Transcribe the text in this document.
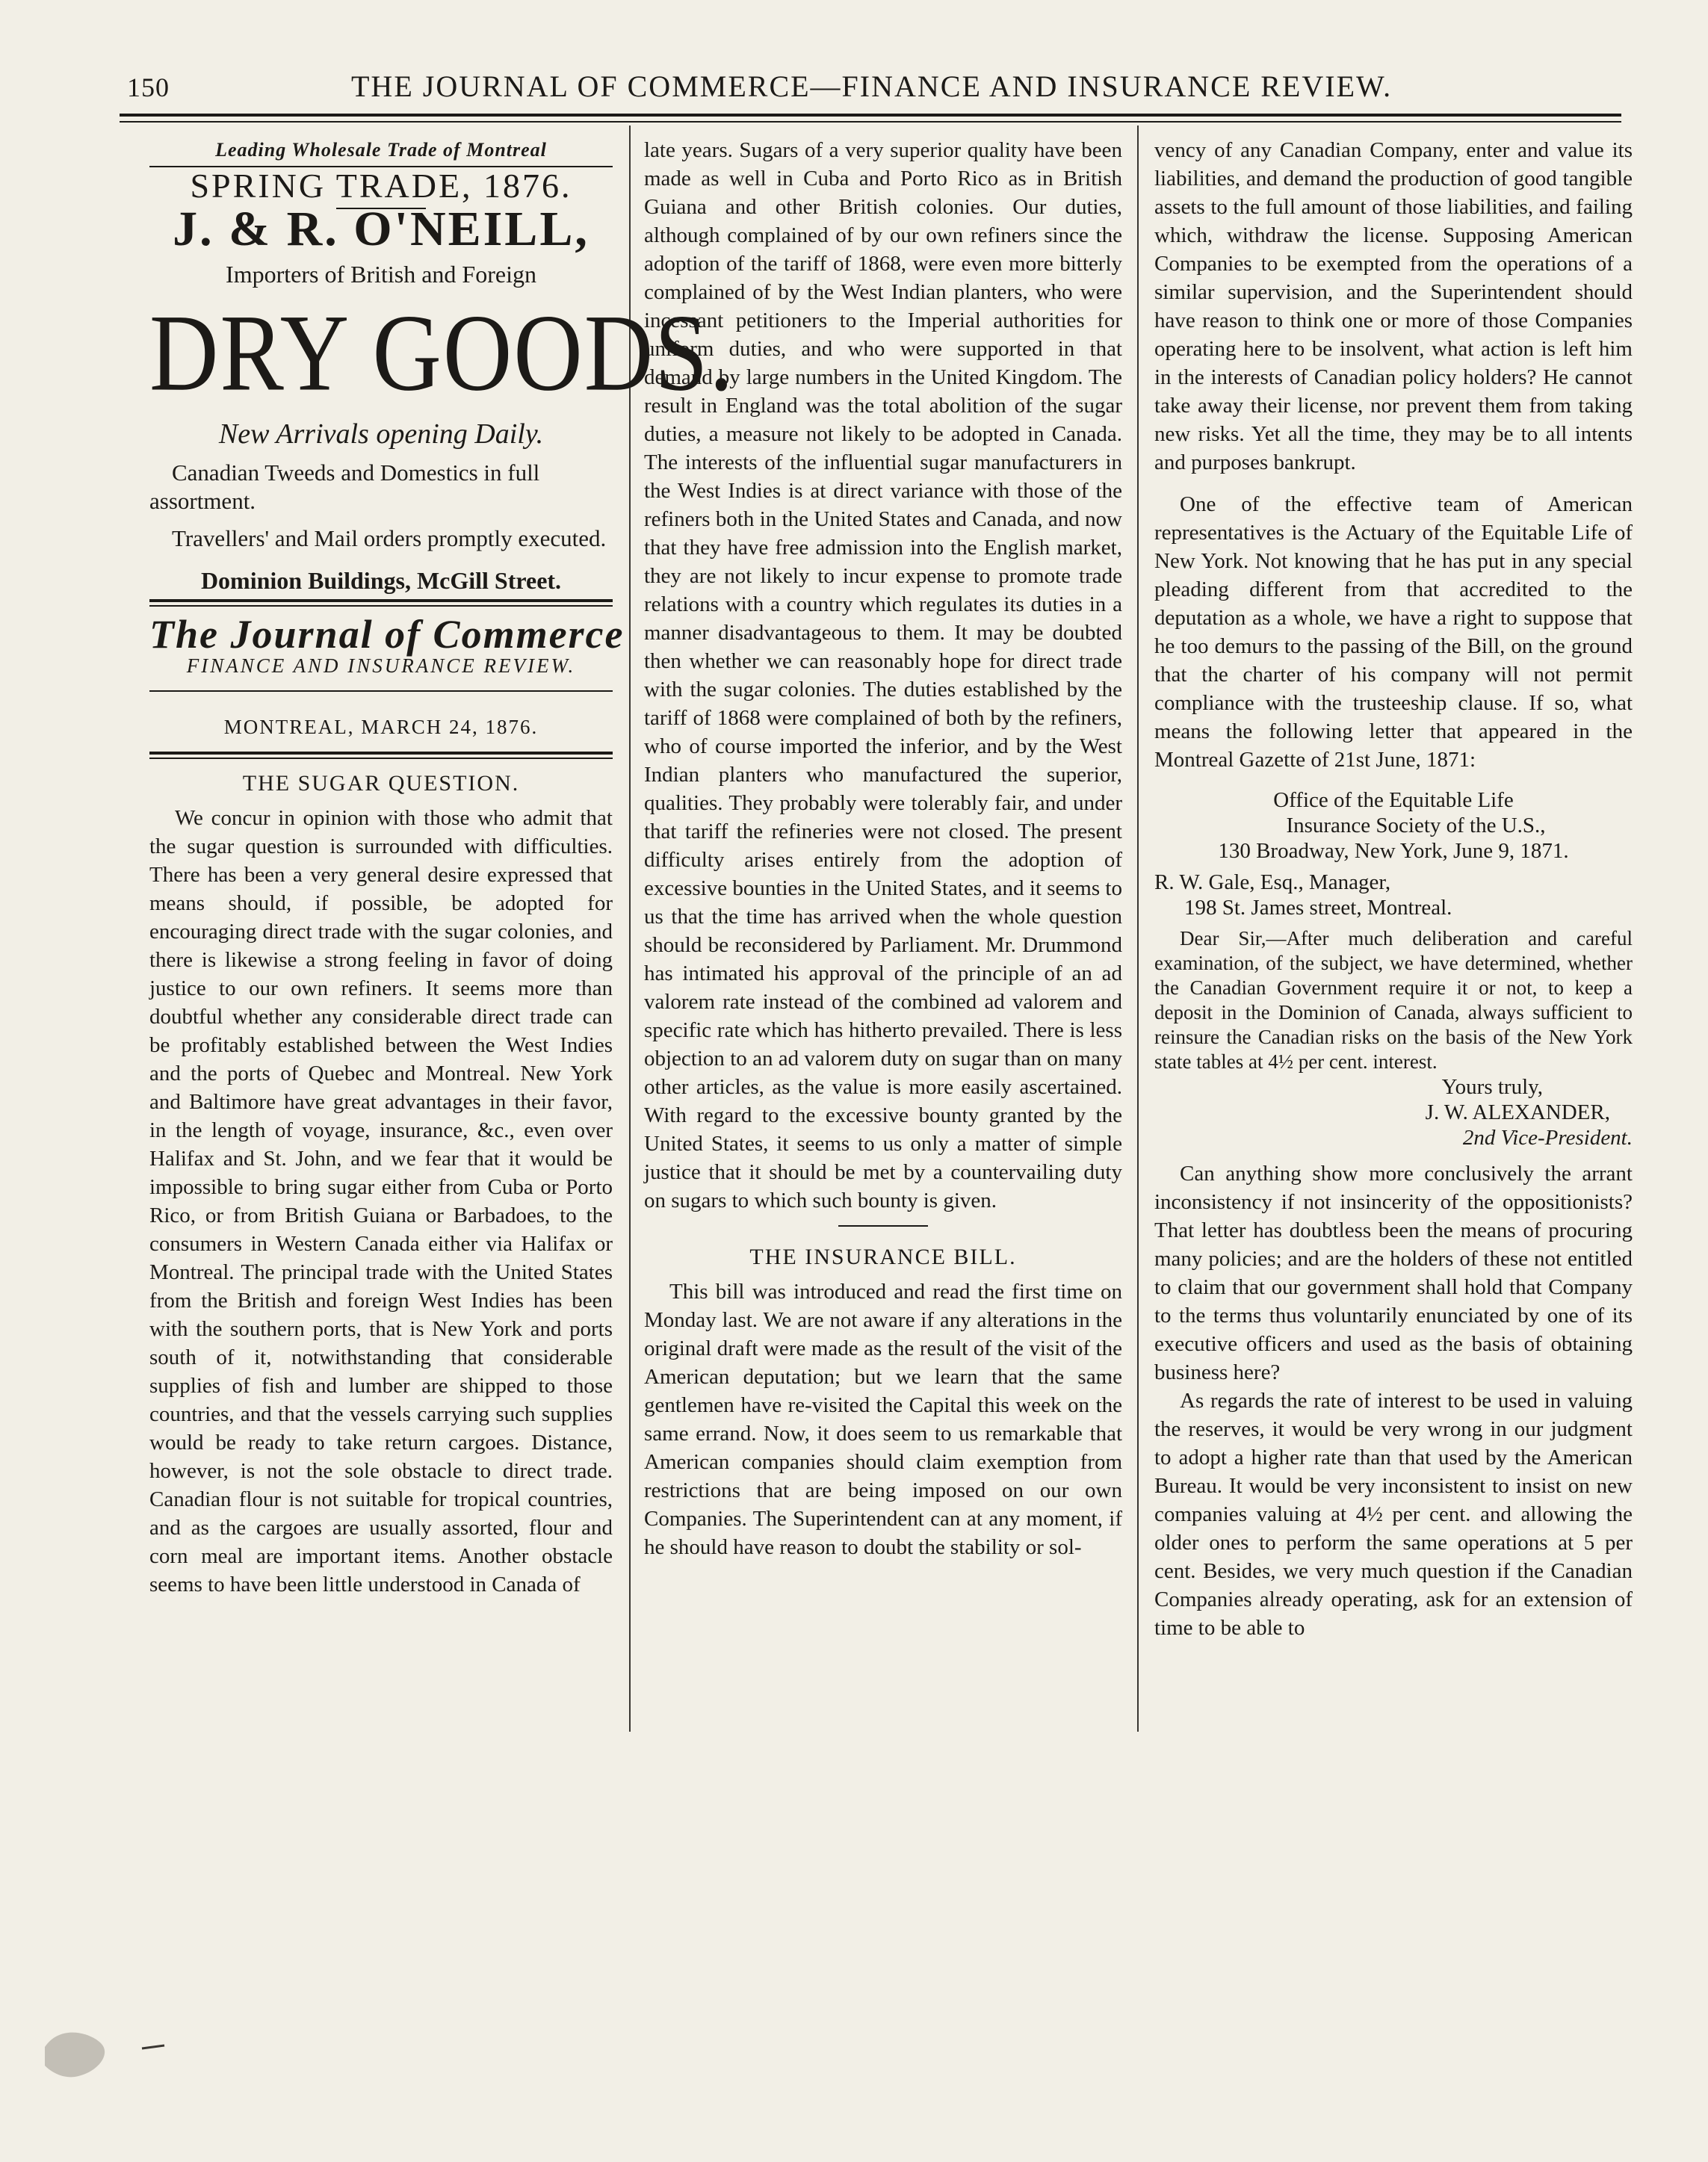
150	THE JOURNAL OF COMMERCE—FINANCE AND INSURANCE REVIEW.
Leading Wholesale Trade of Montreal
SPRING TRADE, 1876.
J. & R. O'NEILL,
Importers of British and Foreign
DRY GOODS.
New Arrivals opening Daily.
Canadian Tweeds and Domestics in full assortment.
Travellers' and Mail orders promptly executed.
Dominion Buildings, McGill Street.
The Journal of Commerce
FINANCE AND INSURANCE REVIEW.
MONTREAL, MARCH 24, 1876.
THE SUGAR QUESTION.

We concur in opinion with those who admit that the sugar question is surrounded with difficulties. There has been a very general desire expressed that means should, if possible, be adopted for encouraging direct trade with the sugar colonies, and there is likewise a strong feeling in favor of doing justice to our own refiners. It seems more than doubtful whether any considerable direct trade can be profitably established between the West Indies and the ports of Quebec and Montreal. New York and Baltimore have great advantages in their favor, in the length of voyage, insurance, &c., even over Halifax and St. John, and we fear that it would be impossible to bring sugar either from Cuba or Porto Rico, or from British Guiana or Barbadoes, to the consumers in Western Canada either via Halifax or Montreal. The principal trade with the United States from the British and foreign West Indies has been with the southern ports, that is New York and ports south of it, notwithstanding that considerable supplies of fish and lumber are shipped to those countries, and that the vessels carrying such supplies would be ready to take return cargoes. Distance, however, is not the sole obstacle to direct trade. Canadian flour is not suitable for tropical countries, and as the cargoes are usually assorted, flour and corn meal are important items. Another obstacle seems to have been little understood in Canada of

late years. Sugars of a very superior quality have been made as well in Cuba and Porto Rico as in British Guiana and other British colonies. Our duties, although complained of by our own refiners since the adoption of the tariff of 1868, were even more bitterly complained of by the West Indian planters, who were incessant petitioners to the Imperial authorities for uniform duties, and who were supported in that demand by large numbers in the United Kingdom. The result in England was the total abolition of the sugar duties, a measure not likely to be adopted in Canada. The interests of the influential sugar manufacturers in the West Indies is at direct variance with those of the refiners both in the United States and Canada, and now that they have free admission into the English market, they are not likely to incur expense to promote trade relations with a country which regulates its duties in a manner disadvantageous to them. It may be doubted then whether we can reasonably hope for direct trade with the sugar colonies. The duties established by the tariff of 1868 were complained of both by the refiners, who of course imported the inferior, and by the West Indian planters who manufactured the superior, qualities. They probably were tolerably fair, and under that tariff the refineries were not closed. The present difficulty arises entirely from the adoption of excessive bounties in the United States, and it seems to us that the time has arrived when the whole question should be reconsidered by Parliament. Mr. Drummond has intimated his approval of the principle of an ad valorem rate instead of the combined ad valorem and specific rate which has hitherto prevailed. There is less objection to an ad valorem duty on sugar than on many other articles, as the value is more easily ascertained. With regard to the excessive bounty granted by the United States, it seems to us only a matter of simple justice that it should be met by a countervailing duty on sugars to which such bounty is given.

THE INSURANCE BILL.

This bill was introduced and read the first time on Monday last. We are not aware if any alterations in the original draft were made as the result of the visit of the American deputation; but we learn that the same gentlemen have re-visited the Capital this week on the same errand. Now, it does seem to us remarkable that American companies should claim exemption from restrictions that are being imposed on our own Companies. The Superintendent can at any moment, if he should have reason to doubt the stability or sol-

vency of any Canadian Company, enter and value its liabilities, and demand the production of good tangible assets to the full amount of those liabilities, and failing which, withdraw the license. Supposing American Companies to be exempted from the operations of a similar supervision, and the Superintendent should have reason to think one or more of those Companies operating here to be insolvent, what action is left him in the interests of Canadian policy holders? He cannot take away their license, nor prevent them from taking new risks. Yet all the time, they may be to all intents and purposes bankrupt.

One of the effective team of American representatives is the Actuary of the Equitable Life of New York. Not knowing that he has put in any special pleading different from that accredited to the deputation as a whole, we have a right to suppose that he too demurs to the passing of the Bill, on the ground that the charter of his company will not permit compliance with the trusteeship clause. If so, what means the following letter that appeared in the Montreal Gazette of 21st June, 1871:

Office of the Equitable Life
Insurance Society of the U.S.,
130 Broadway, New York, June 9, 1871.
R. W. Gale, Esq., Manager,
198 St. James street, Montreal.

Dear Sir,—After much deliberation and careful examination, of the subject, we have determined, whether the Canadian Government require it or not, to keep a deposit in the Dominion of Canada, always sufficient to reinsure the Canadian risks on the basis of the New York state tables at 4½ per cent. interest.

Yours truly,
J. W. ALEXANDER,
2nd Vice-President.

Can anything show more conclusively the arrant inconsistency if not insincerity of the oppositionists? That letter has doubtless been the means of procuring many policies; and are the holders of these not entitled to claim that our government shall hold that Company to the terms thus voluntarily enunciated by one of its executive officers and used as the basis of obtaining business here?

As regards the rate of interest to be used in valuing the reserves, it would be very wrong in our judgment to adopt a higher rate than that used by the American Bureau. It would be very inconsistent to insist on new companies valuing at 4½ per cent. and allowing the older ones to perform the same operations at 5 per cent. Besides, we very much question if the Canadian Companies already operating, ask for an extension of time to be able to
